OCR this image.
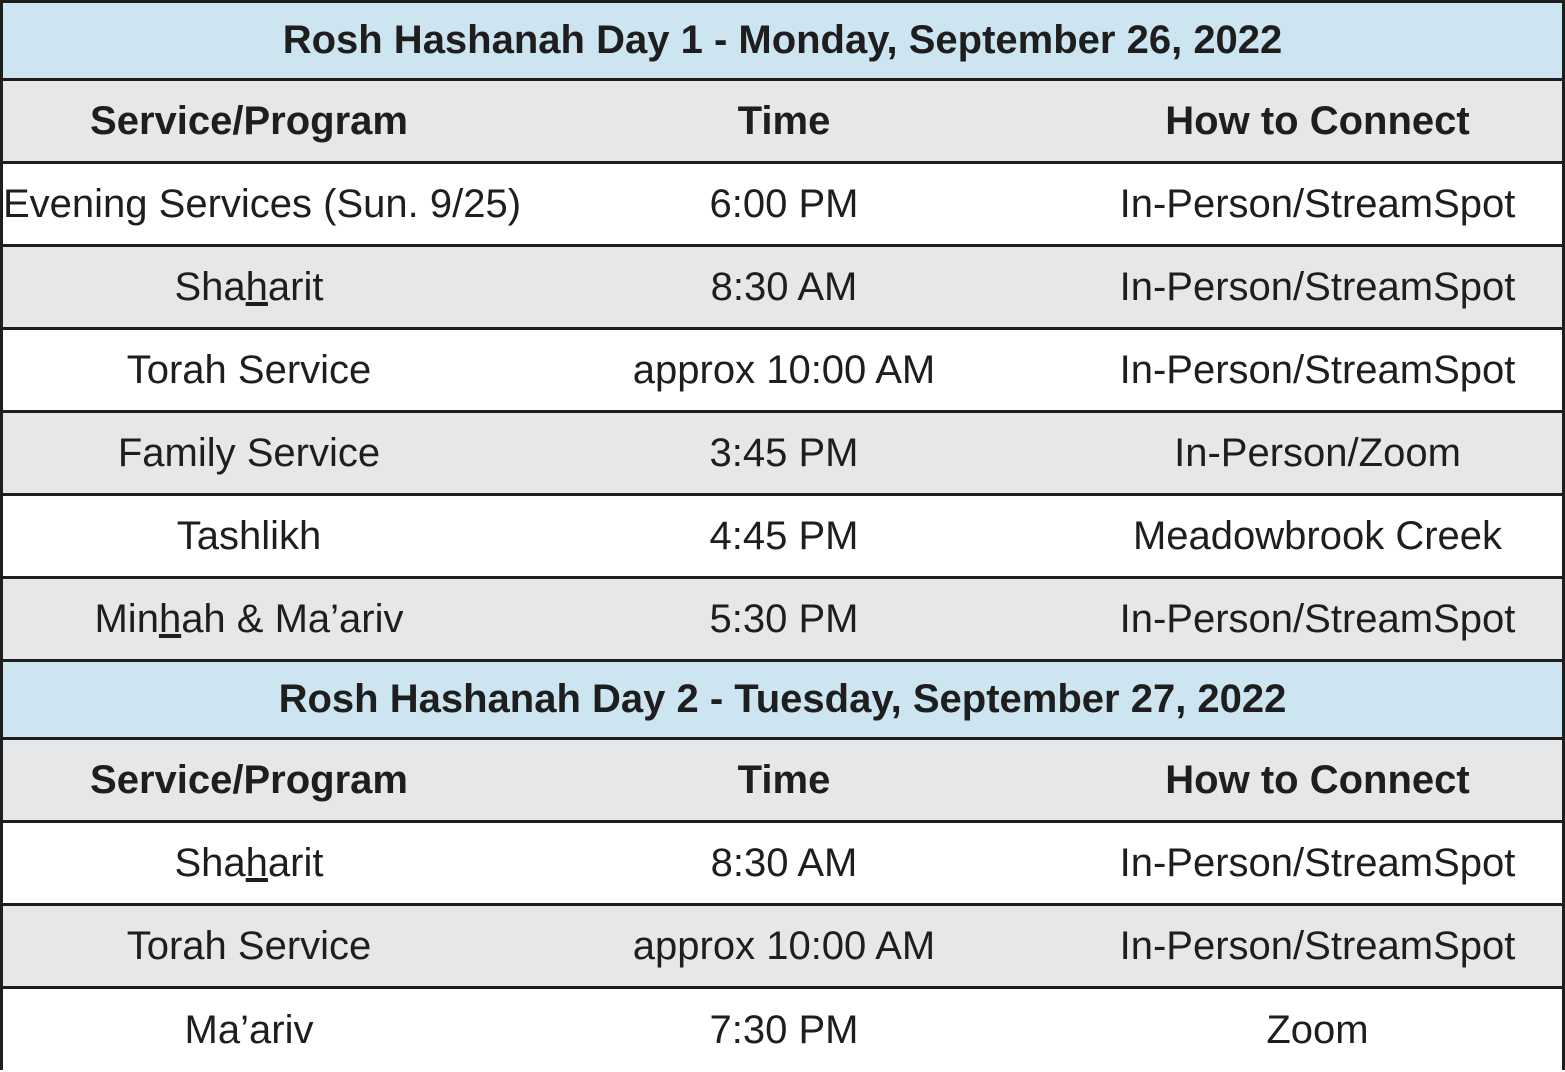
Rosh Hashanah Day 1 - Monday, September 26, 2022
Service/Program	Time	How to Connect
Evening Services (Sun. 9/25)	6:00 PM	In-Person/StreamSpot
Shaharit	8:30 AM	In-Person/StreamSpot
Torah Service	approx 10:00 AM	In-Person/StreamSpot
Family Service	3:45 PM	In-Person/Zoom
Tashlikh	4:45 PM	Meadowbrook Creek
Minhah & Ma’ariv	5:30 PM	In-Person/StreamSpot
Rosh Hashanah Day 2 - Tuesday, September 27, 2022
Service/Program	Time	How to Connect
Shaharit	8:30 AM	In-Person/StreamSpot
Torah Service	approx 10:00 AM	In-Person/StreamSpot
Ma’ariv	7:30 PM	Zoom
